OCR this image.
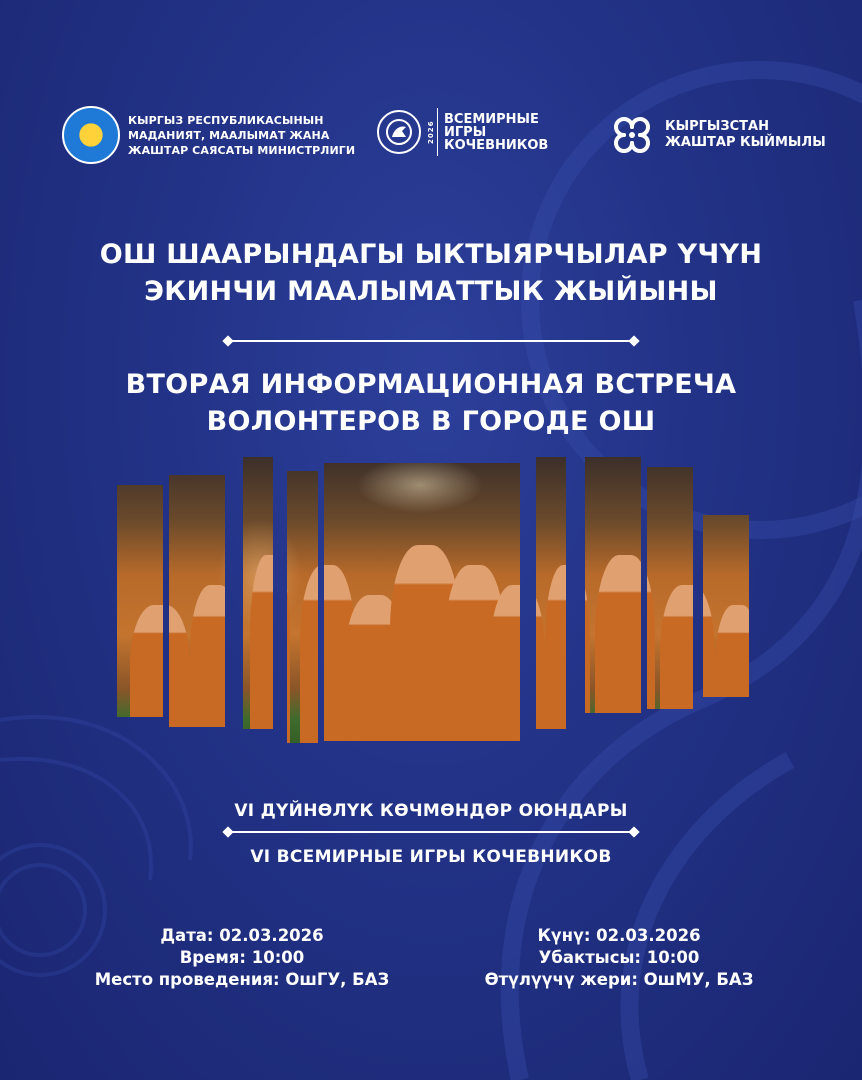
КЫРГЫЗ РЕСПУБЛИКАСЫНЫН
МАДАНИЯТ, МААЛЫМАТ ЖАНА
ЖАШТАР САЯСАТЫ МИНИСТРЛИГИ
2026
ВСЕМИРНЫЕ
ИГРЫ
КОЧЕВНИКОВ
КЫРГЫЗСТАН
ЖАШТАР КЫЙМЫЛЫ
ОШ ШААРЫНДАГЫ ЫКТЫЯРЧЫЛАР ҮЧҮН
ЭКИНЧИ МААЛЫМАТТЫК ЖЫЙЫНЫ
ВТОРАЯ ИНФОРМАЦИОННАЯ ВСТРЕЧА
ВОЛОНТЕРОВ В ГОРОДЕ ОШ
VI ДҮЙНӨЛҮК КӨЧМӨНДӨР ОЮНДАРЫ
VI ВСЕМИРНЫЕ ИГРЫ КОЧЕВНИКОВ
Дата: 02.03.2026
Время: 10:00
Место проведения: ОшГУ, БАЗ
Күнү: 02.03.2026
Убактысы: 10:00
Өтүлүүчү жери: ОшМУ, БАЗ
